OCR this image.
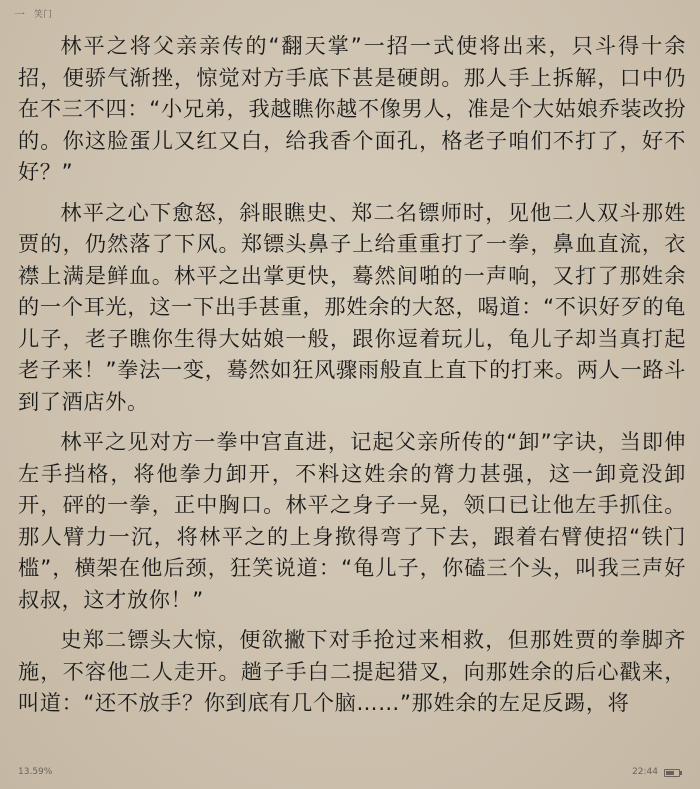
一 笑门

林平之将父亲亲传的“翻天掌”一招一式使将出来，只斗得十余招，便骄气渐挫，惊觉对方手底下甚是硬朗。那人手上拆解，口中仍在不三不四：“小兄弟，我越瞧你越不像男人，准是个大姑娘乔装改扮的。你这脸蛋儿又红又白，给我香个面孔，格老子咱们不打了，好不好？”

林平之心下愈怒，斜眼瞧史、郑二名镖师时，见他二人双斗那姓贾的，仍然落了下风。郑镖头鼻子上给重重打了一拳，鼻血直流，衣襟上满是鲜血。林平之出掌更快，蓦然间啪的一声响，又打了那姓余的一个耳光，这一下出手甚重，那姓余的大怒，喝道：“不识好歹的龟儿子，老子瞧你生得大姑娘一般，跟你逗着玩儿，龟儿子却当真打起老子来！”拳法一变，蓦然如狂风骤雨般直上直下的打来。两人一路斗到了酒店外。

林平之见对方一拳中宫直进，记起父亲所传的“卸”字诀，当即伸左手挡格，将他拳力卸开，不料这姓余的膂力甚强，这一卸竟没卸开，砰的一拳，正中胸口。林平之身子一晃，领口已让他左手抓住。那人臂力一沉，将林平之的上身揿得弯了下去，跟着右臂使招“铁门槛”，横架在他后颈，狂笑说道：“龟儿子，你磕三个头，叫我三声好叔叔，这才放你！”

史郑二镖头大惊，便欲撇下对手抢过来相救，但那姓贾的拳脚齐施，不容他二人走开。趟子手白二提起猎叉，向那姓余的后心戳来，叫道：“还不放手？你到底有几个脑……”那姓余的左足反踢，将

13.59%	22:44
